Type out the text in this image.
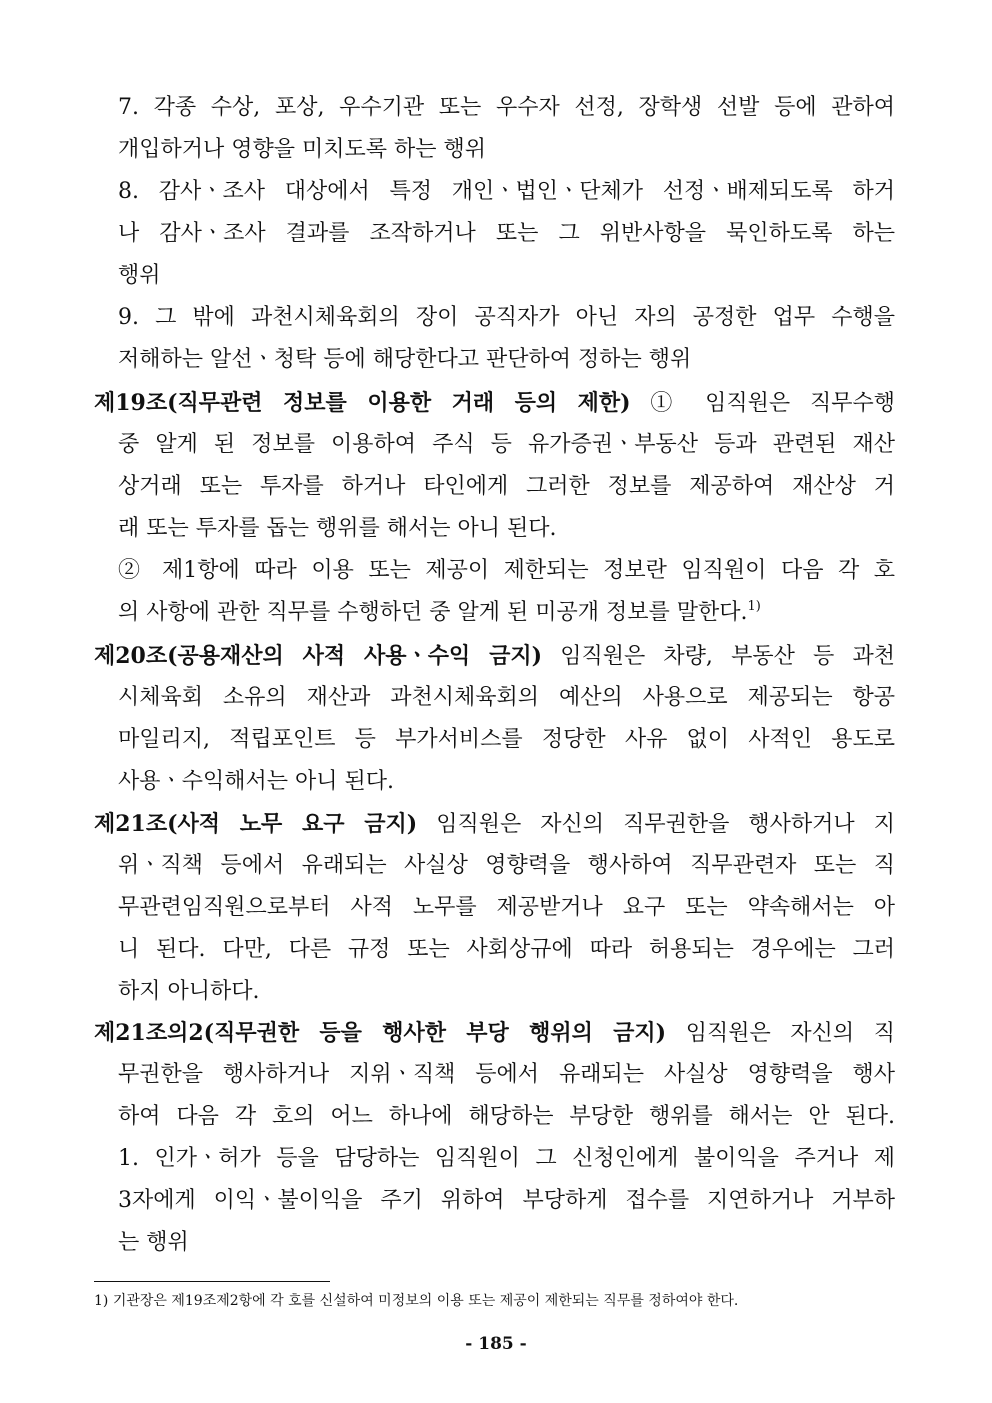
7. 각종 수상, 포상, 우수기관 또는 우수자 선정, 장학생 선발 등에 관하여
개입하거나 영향을 미치도록 하는 행위
8. 감사ㆍ조사 대상에서 특정 개인ㆍ법인ㆍ단체가 선정ㆍ배제되도록 하거
나 감사ㆍ조사 결과를 조작하거나 또는 그 위반사항을 묵인하도록 하는
행위
9. 그 밖에 과천시체육회의 장이 공직자가 아닌 자의 공정한 업무 수행을
저해하는 알선ㆍ청탁 등에 해당한다고 판단하여 정하는 행위
제19조(직무관련 정보를 이용한 거래 등의 제한) ① 임직원은 직무수행
중 알게 된 정보를 이용하여 주식 등 유가증권ㆍ부동산 등과 관련된 재산
상거래 또는 투자를 하거나 타인에게 그러한 정보를 제공하여 재산상 거
래 또는 투자를 돕는 행위를 해서는 아니 된다.
② 제1항에 따라 이용 또는 제공이 제한되는 정보란 임직원이 다음 각 호
의 사항에 관한 직무를 수행하던 중 알게 된 미공개 정보를 말한다.$^{1)}$
제20조(공용재산의 사적 사용ㆍ수익 금지) 임직원은 차량, 부동산 등 과천
시체육회 소유의 재산과 과천시체육회의 예산의 사용으로 제공되는 항공
마일리지, 적립포인트 등 부가서비스를 정당한 사유 없이 사적인 용도로
사용ㆍ수익해서는 아니 된다.
제21조(사적 노무 요구 금지) 임직원은 자신의 직무권한을 행사하거나 지
위ㆍ직책 등에서 유래되는 사실상 영향력을 행사하여 직무관련자 또는 직
무관련임직원으로부터 사적 노무를 제공받거나 요구 또는 약속해서는 아
니 된다. 다만, 다른 규정 또는 사회상규에 따라 허용되는 경우에는 그러
하지 아니하다.
제21조의2(직무권한 등을 행사한 부당 행위의 금지) 임직원은 자신의 직
무권한을 행사하거나 지위ㆍ직책 등에서 유래되는 사실상 영향력을 행사
하여 다음 각 호의 어느 하나에 해당하는 부당한 행위를 해서는 안 된다.
1. 인가ㆍ허가 등을 담당하는 임직원이 그 신청인에게 불이익을 주거나 제
3자에게 이익ㆍ불이익을 주기 위하여 부당하게 접수를 지연하거나 거부하
는 행위
1) 기관장은 제19조제2항에 각 호를 신설하여 미정보의 이용 또는 제공이 제한되는 직무를 정하여야 한다.
- 185 -
